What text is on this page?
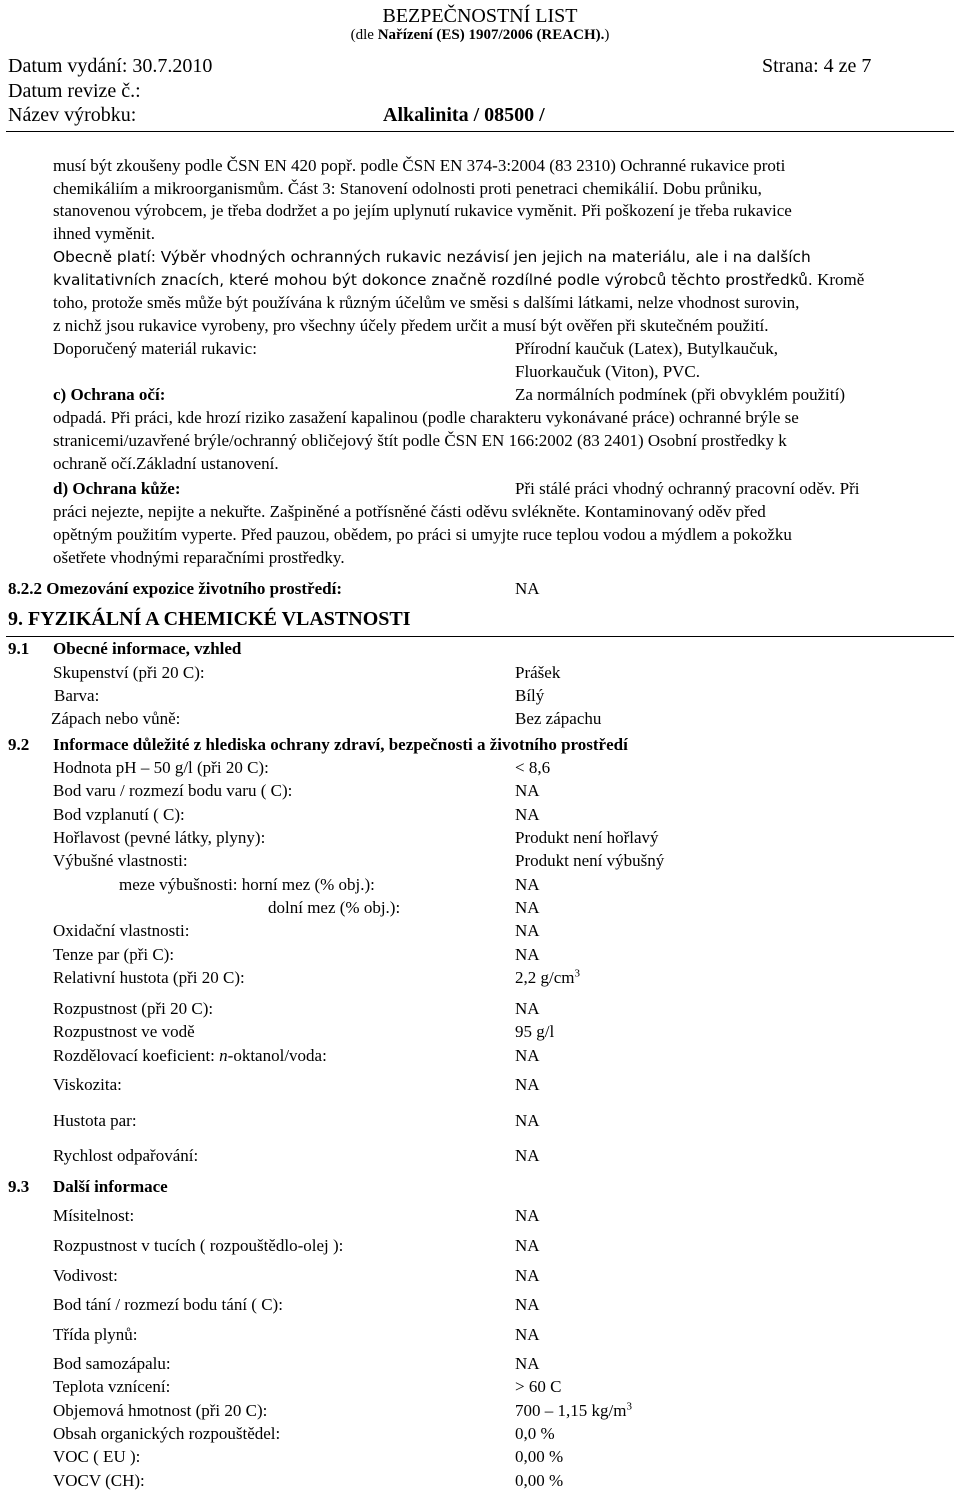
BEZPEČNOSTNÍ LIST
(dle Nařízení (ES) 1907/2006 (REACH).)
Datum vydání: 30.7.2010	Strana: 4 ze 7
Datum revize č.:
Název výrobku:	Alkalinita / 08500 /
musí být zkoušeny podle ČSN EN 420 popř. podle ČSN EN 374-3:2004 (83 2310) Ochranné rukavice proti
chemikáliím a mikroorganismům. Část 3: Stanovení odolnosti proti penetraci chemikálií. Dobu průniku,
stanovenou výrobcem, je třeba dodržet a po jejím uplynutí rukavice vyměnit. Při poškození je třeba rukavice
ihned vyměnit.
Obecně platí: Výběr vhodných ochranných rukavic nezávisí jen jejich na materiálu, ale i na dalších
kvalitativních znacích, které mohou být dokonce značně rozdílné podle výrobců těchto prostředků. Kromě
toho, protože směs může být používána k různým účelům ve směsi s dalšími látkami, nelze vhodnost surovin,
z nichž jsou rukavice vyrobeny, pro všechny účely předem určit a musí být ověřen při skutečném použití.
Doporučený materiál rukavic:	Přírodní kaučuk (Latex), Butylkaučuk,
Fluorkaučuk (Viton), PVC.
c) Ochrana očí:	Za normálních podmínek (při obvyklém použití)
odpadá. Při práci, kde hrozí riziko zasažení kapalinou (podle charakteru vykonávané práce) ochranné brýle se
stranicemi/uzavřené brýle/ochranný obličejový štít podle ČSN EN 166:2002 (83 2401) Osobní prostředky k
ochraně očí.Základní ustanovení.
d) Ochrana kůže:	Při stálé práci vhodný ochranný pracovní oděv. Při
práci nejezte, nepijte a nekuřte. Zašpiněné a potřísněné části oděvu svlékněte. Kontaminovaný oděv před
opětným použitím vyperte. Před pauzou, obědem, po práci si umyjte ruce teplou vodou a mýdlem a pokožku
ošetřete vhodnými reparačními prostředky.
8.2.2 Omezování expozice životního prostředí:	NA
9. FYZIKÁLNÍ A CHEMICKÉ VLASTNOSTI
9.1 Obecné informace, vzhled
Skupenství (při 20 C):	Prášek
Barva:	Bílý
Zápach nebo vůně:	Bez zápachu
9.2 Informace důležité z hlediska ochrany zdraví, bezpečnosti a životního prostředí
Hodnota pH – 50 g/l (při 20 C):	< 8,6
Bod varu / rozmezí bodu varu ( C):	NA
Bod vzplanutí ( C):	NA
Hořlavost (pevné látky, plyny):	Produkt není hořlavý
Výbušné vlastnosti:	Produkt není výbušný
meze výbušnosti: horní mez (% obj.):	NA
dolní mez (% obj.):	NA
Oxidační vlastnosti:	NA
Tenze par (při C):	NA
Relativní hustota (při 20 C):	2,2 $g/cm^3$
Rozpustnost (při 20 C):	NA
Rozpustnost ve vodě	95 g/l
Rozdělovací koeficient: n-oktanol/voda:	NA
Viskozita:	NA
Hustota par:	NA
Rychlost odpařování:	NA
9.3 Další informace
Mísitelnost:	NA
Rozpustnost v tucích ( rozpouštědlo-olej ):	NA
Vodivost:	NA
Bod tání / rozmezí bodu tání ( C):	NA
Třída plynů:	NA
Bod samozápalu:	NA
Teplota vznícení:	> 60 C
Objemová hmotnost (při 20 C):	700 – 1,15 $kg/m^3$
Obsah organických rozpouštědel:	0,0 %
VOC ( EU ):	0,00 %
VOCV (CH):	0,00 %
